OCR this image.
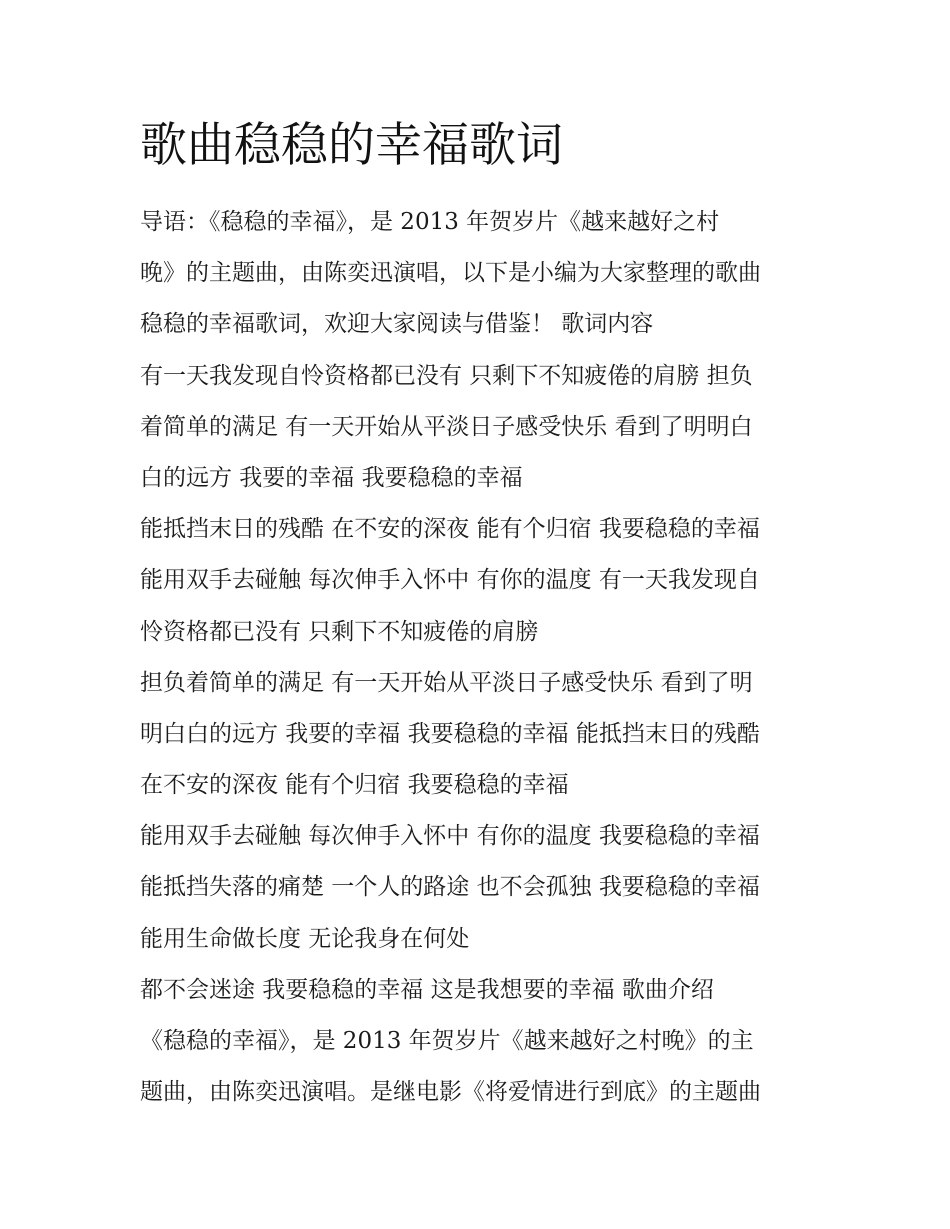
歌曲稳稳的幸福歌词
导语：《稳稳的幸福》，是 2013 年贺岁片《越来越好之村
晚》的主题曲，由陈奕迅演唱，以下是小编为大家整理的歌曲
稳稳的幸福歌词，欢迎大家阅读与借鉴！ 歌词内容
有一天我发现自怜资格都已没有 只剩下不知疲倦的肩膀 担负
着简单的满足 有一天开始从平淡日子感受快乐 看到了明明白
白的远方 我要的幸福 我要稳稳的幸福
能抵挡末日的残酷 在不安的深夜 能有个归宿 我要稳稳的幸福
能用双手去碰触 每次伸手入怀中 有你的温度 有一天我发现自
怜资格都已没有 只剩下不知疲倦的肩膀
担负着简单的满足 有一天开始从平淡日子感受快乐 看到了明
明白白的远方 我要的幸福 我要稳稳的幸福 能抵挡末日的残酷
在不安的深夜 能有个归宿 我要稳稳的幸福
能用双手去碰触 每次伸手入怀中 有你的温度 我要稳稳的幸福
能抵挡失落的痛楚 一个人的路途 也不会孤独 我要稳稳的幸福
能用生命做长度 无论我身在何处
都不会迷途 我要稳稳的幸福 这是我想要的幸福 歌曲介绍
《稳稳的幸福》，是 2013 年贺岁片《越来越好之村晚》的主
题曲，由陈奕迅演唱。是继电影《将爱情进行到底》的主题曲
